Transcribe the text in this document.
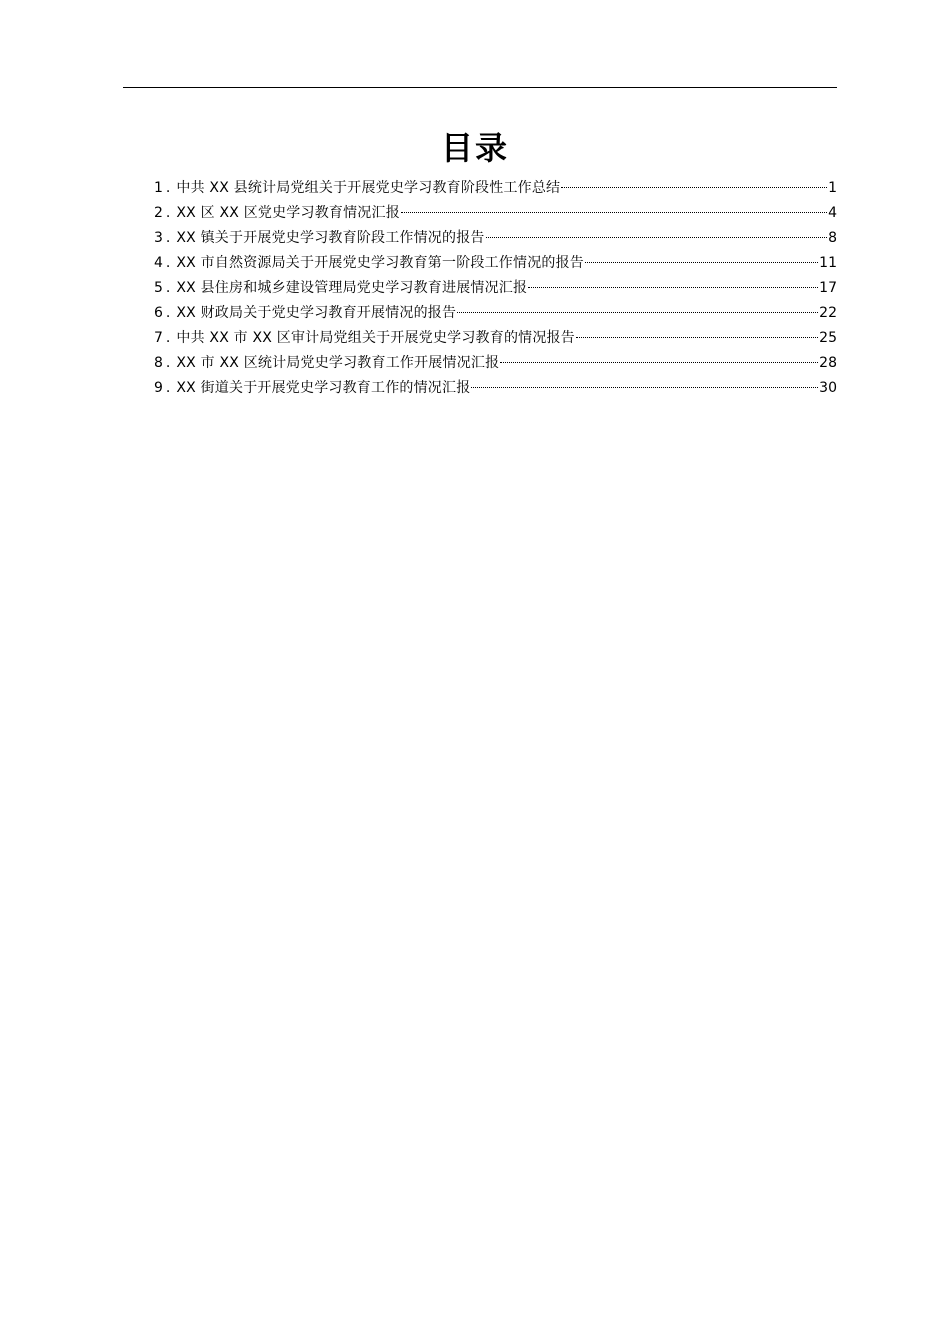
目录
1 . 中共 XX 县统计局党组关于开展党史学习教育阶段性工作总结	1
2 . XX 区 XX 区党史学习教育情况汇报	4
3 . XX 镇关于开展党史学习教育阶段工作情况的报告	8
4 . XX 市自然资源局关于开展党史学习教育第一阶段工作情况的报告	11
5 . XX 县住房和城乡建设管理局党史学习教育进展情况汇报	17
6 . XX 财政局关于党史学习教育开展情况的报告	22
7 . 中共 XX 市 XX 区审计局党组关于开展党史学习教育的情况报告	25
8 . XX 市 XX 区统计局党史学习教育工作开展情况汇报	28
9 . XX 街道关于开展党史学习教育工作的情况汇报	30
